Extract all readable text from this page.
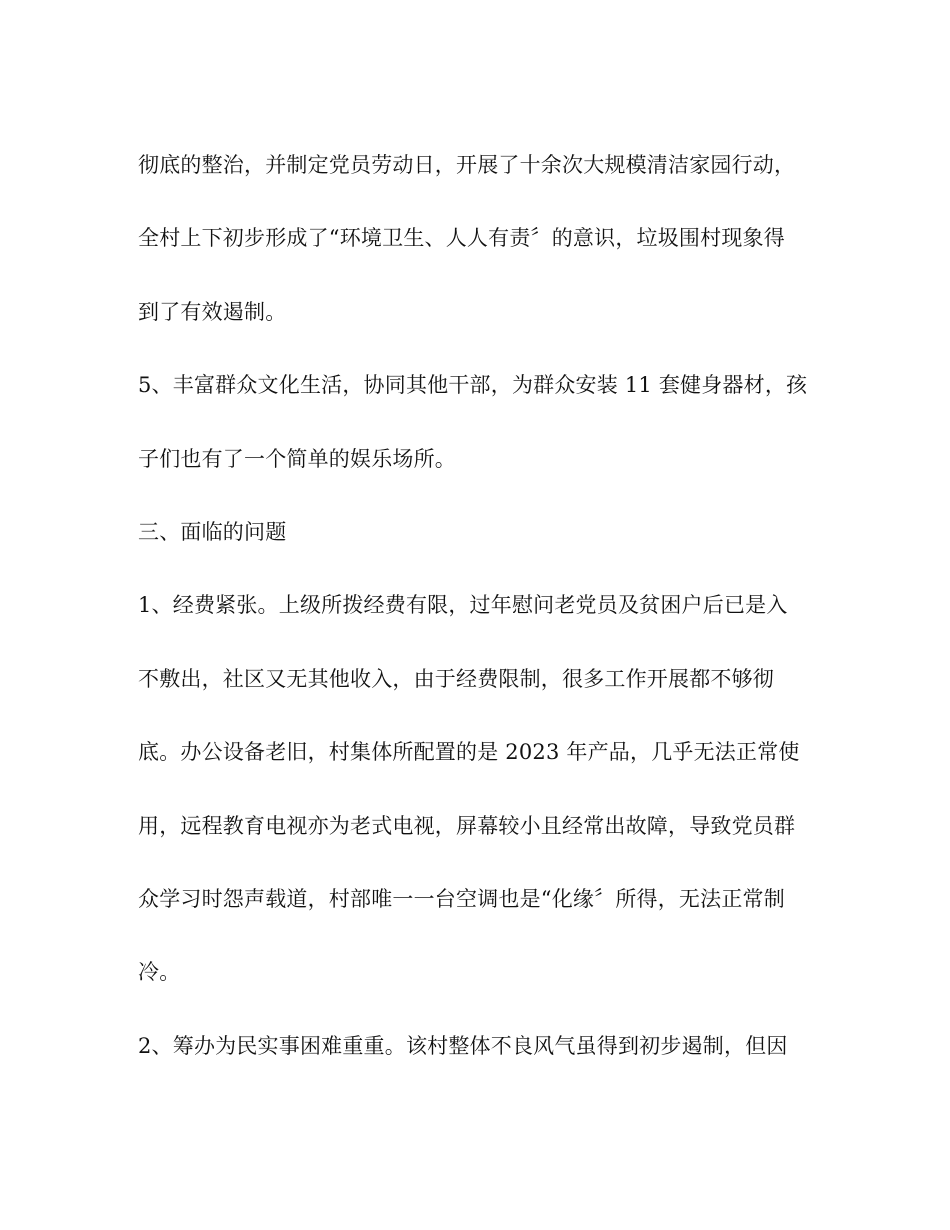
彻底的整治，并制定党员劳动日，开展了十余次大规模清洁家园行动，
全村上下初步形成了“环境卫生、人人有责〞的意识，垃圾围村现象得
到了有效遏制。
5、丰富群众文化生活，协同其他干部，为群众安装 11 套健身器材，孩
子们也有了一个简单的娱乐场所。
三、面临的问题
1、经费紧张。上级所拨经费有限，过年慰问老党员及贫困户后已是入
不敷出，社区又无其他收入，由于经费限制，很多工作开展都不够彻
底。办公设备老旧，村集体所配置的是 2023 年产品，几乎无法正常使
用，远程教育电视亦为老式电视，屏幕较小且经常出故障，导致党员群
众学习时怨声载道，村部唯一一台空调也是“化缘〞所得，无法正常制
冷。
2、筹办为民实事困难重重。该村整体不良风气虽得到初步遏制，但因
